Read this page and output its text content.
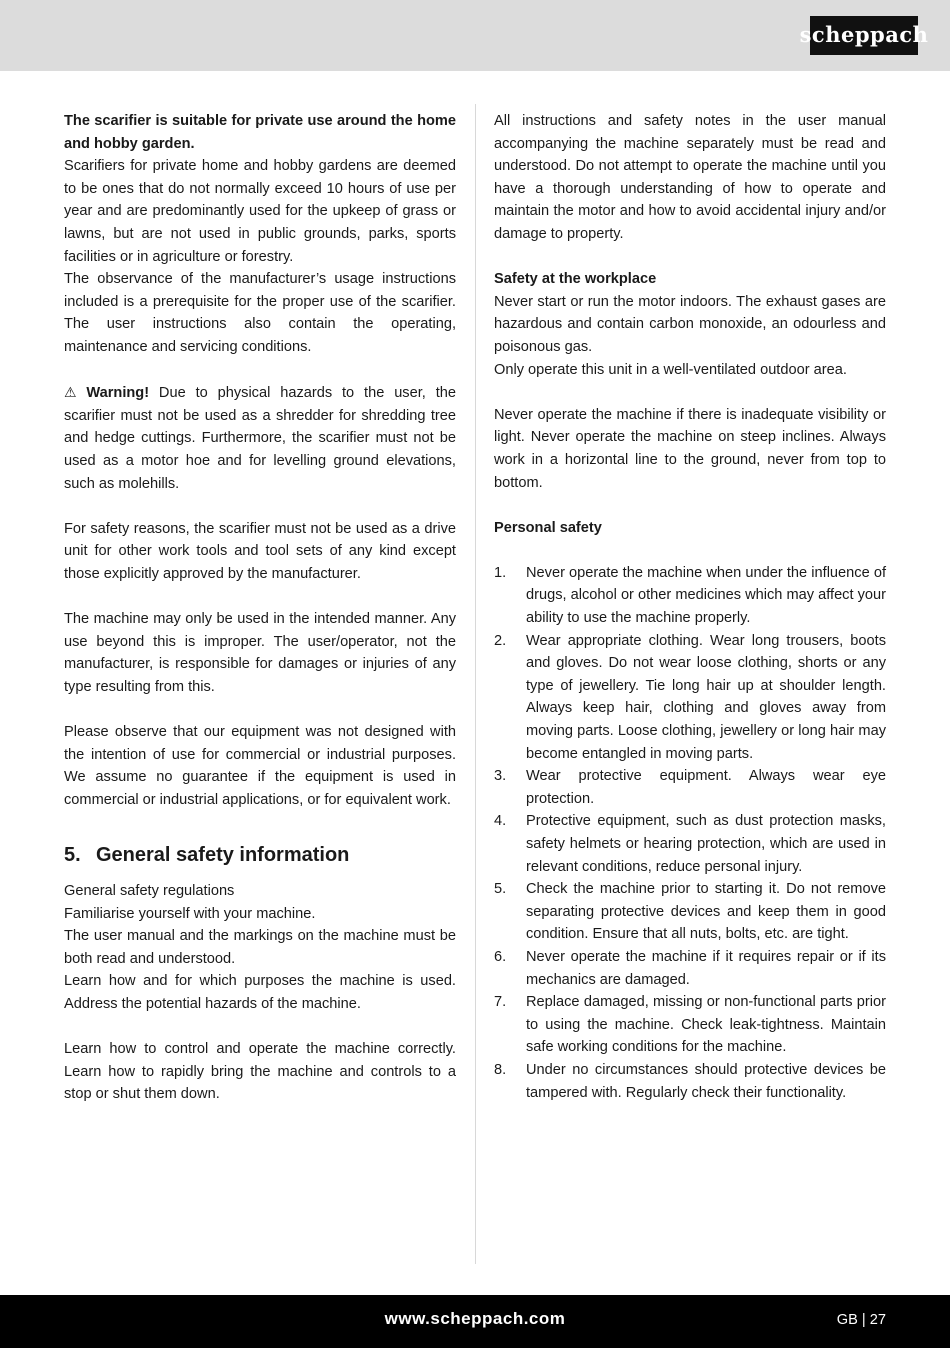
scheppach

The scarifier is suitable for private use around the home and hobby garden.

Scarifiers for private home and hobby gardens are deemed to be ones that do not normally exceed 10 hours of use per year and are predominantly used for the upkeep of grass or lawns, but are not used in public grounds, parks, sports facilities or in agriculture or forestry.

The observance of the manufacturer’s usage instructions included is a prerequisite for the proper use of the scarifier. The user instructions also contain the operating, maintenance and servicing conditions.

⚠ Warning! Due to physical hazards to the user, the scarifier must not be used as a shredder for shredding tree and hedge cuttings. Furthermore, the scarifier must not be used as a motor hoe and for levelling ground elevations, such as molehills.

For safety reasons, the scarifier must not be used as a drive unit for other work tools and tool sets of any kind except those explicitly approved by the manufacturer.

The machine may only be used in the intended manner. Any use beyond this is improper. The user/operator, not the manufacturer, is responsible for damages or injuries of any type resulting from this.

Please observe that our equipment was not designed with the intention of use for commercial or industrial purposes. We assume no guarantee if the equipment is used in commercial or industrial applications, or for equivalent work.

5. General safety information

General safety regulations

Familiarise yourself with your machine.

The user manual and the markings on the machine must be both read and understood.

Learn how and for which purposes the machine is used. Address the potential hazards of the machine.

Learn how to control and operate the machine correctly. Learn how to rapidly bring the machine and controls to a stop or shut them down.

All instructions and safety notes in the user manual accompanying the machine separately must be read and understood. Do not attempt to operate the machine until you have a thorough understanding of how to operate and maintain the motor and how to avoid accidental injury and/or damage to property.

Safety at the workplace

Never start or run the motor indoors. The exhaust gases are hazardous and contain carbon monoxide, an odourless and poisonous gas.

Only operate this unit in a well-ventilated outdoor area.

Never operate the machine if there is inadequate visibility or light. Never operate the machine on steep inclines. Always work in a horizontal line to the ground, never from top to bottom.

Personal safety

1. Never operate the machine when under the influence of drugs, alcohol or other medicines which may affect your ability to use the machine properly.
2. Wear appropriate clothing. Wear long trousers, boots and gloves. Do not wear loose clothing, shorts or any type of jewellery. Tie long hair up at shoulder length. Always keep hair, clothing and gloves away from moving parts. Loose clothing, jewellery or long hair may become entangled in moving parts.
3. Wear protective equipment. Always wear eye protection.
4. Protective equipment, such as dust protection masks, safety helmets or hearing protection, which are used in relevant conditions, reduce personal injury.
5. Check the machine prior to starting it. Do not remove separating protective devices and keep them in good condition. Ensure that all nuts, bolts, etc. are tight.
6. Never operate the machine if it requires repair or if its mechanics are damaged.
7. Replace damaged, missing or non-functional parts prior to using the machine. Check leak-tightness. Maintain safe working conditions for the machine.
8. Under no circumstances should protective devices be tampered with. Regularly check their functionality.
www.scheppach.com	GB | 27
